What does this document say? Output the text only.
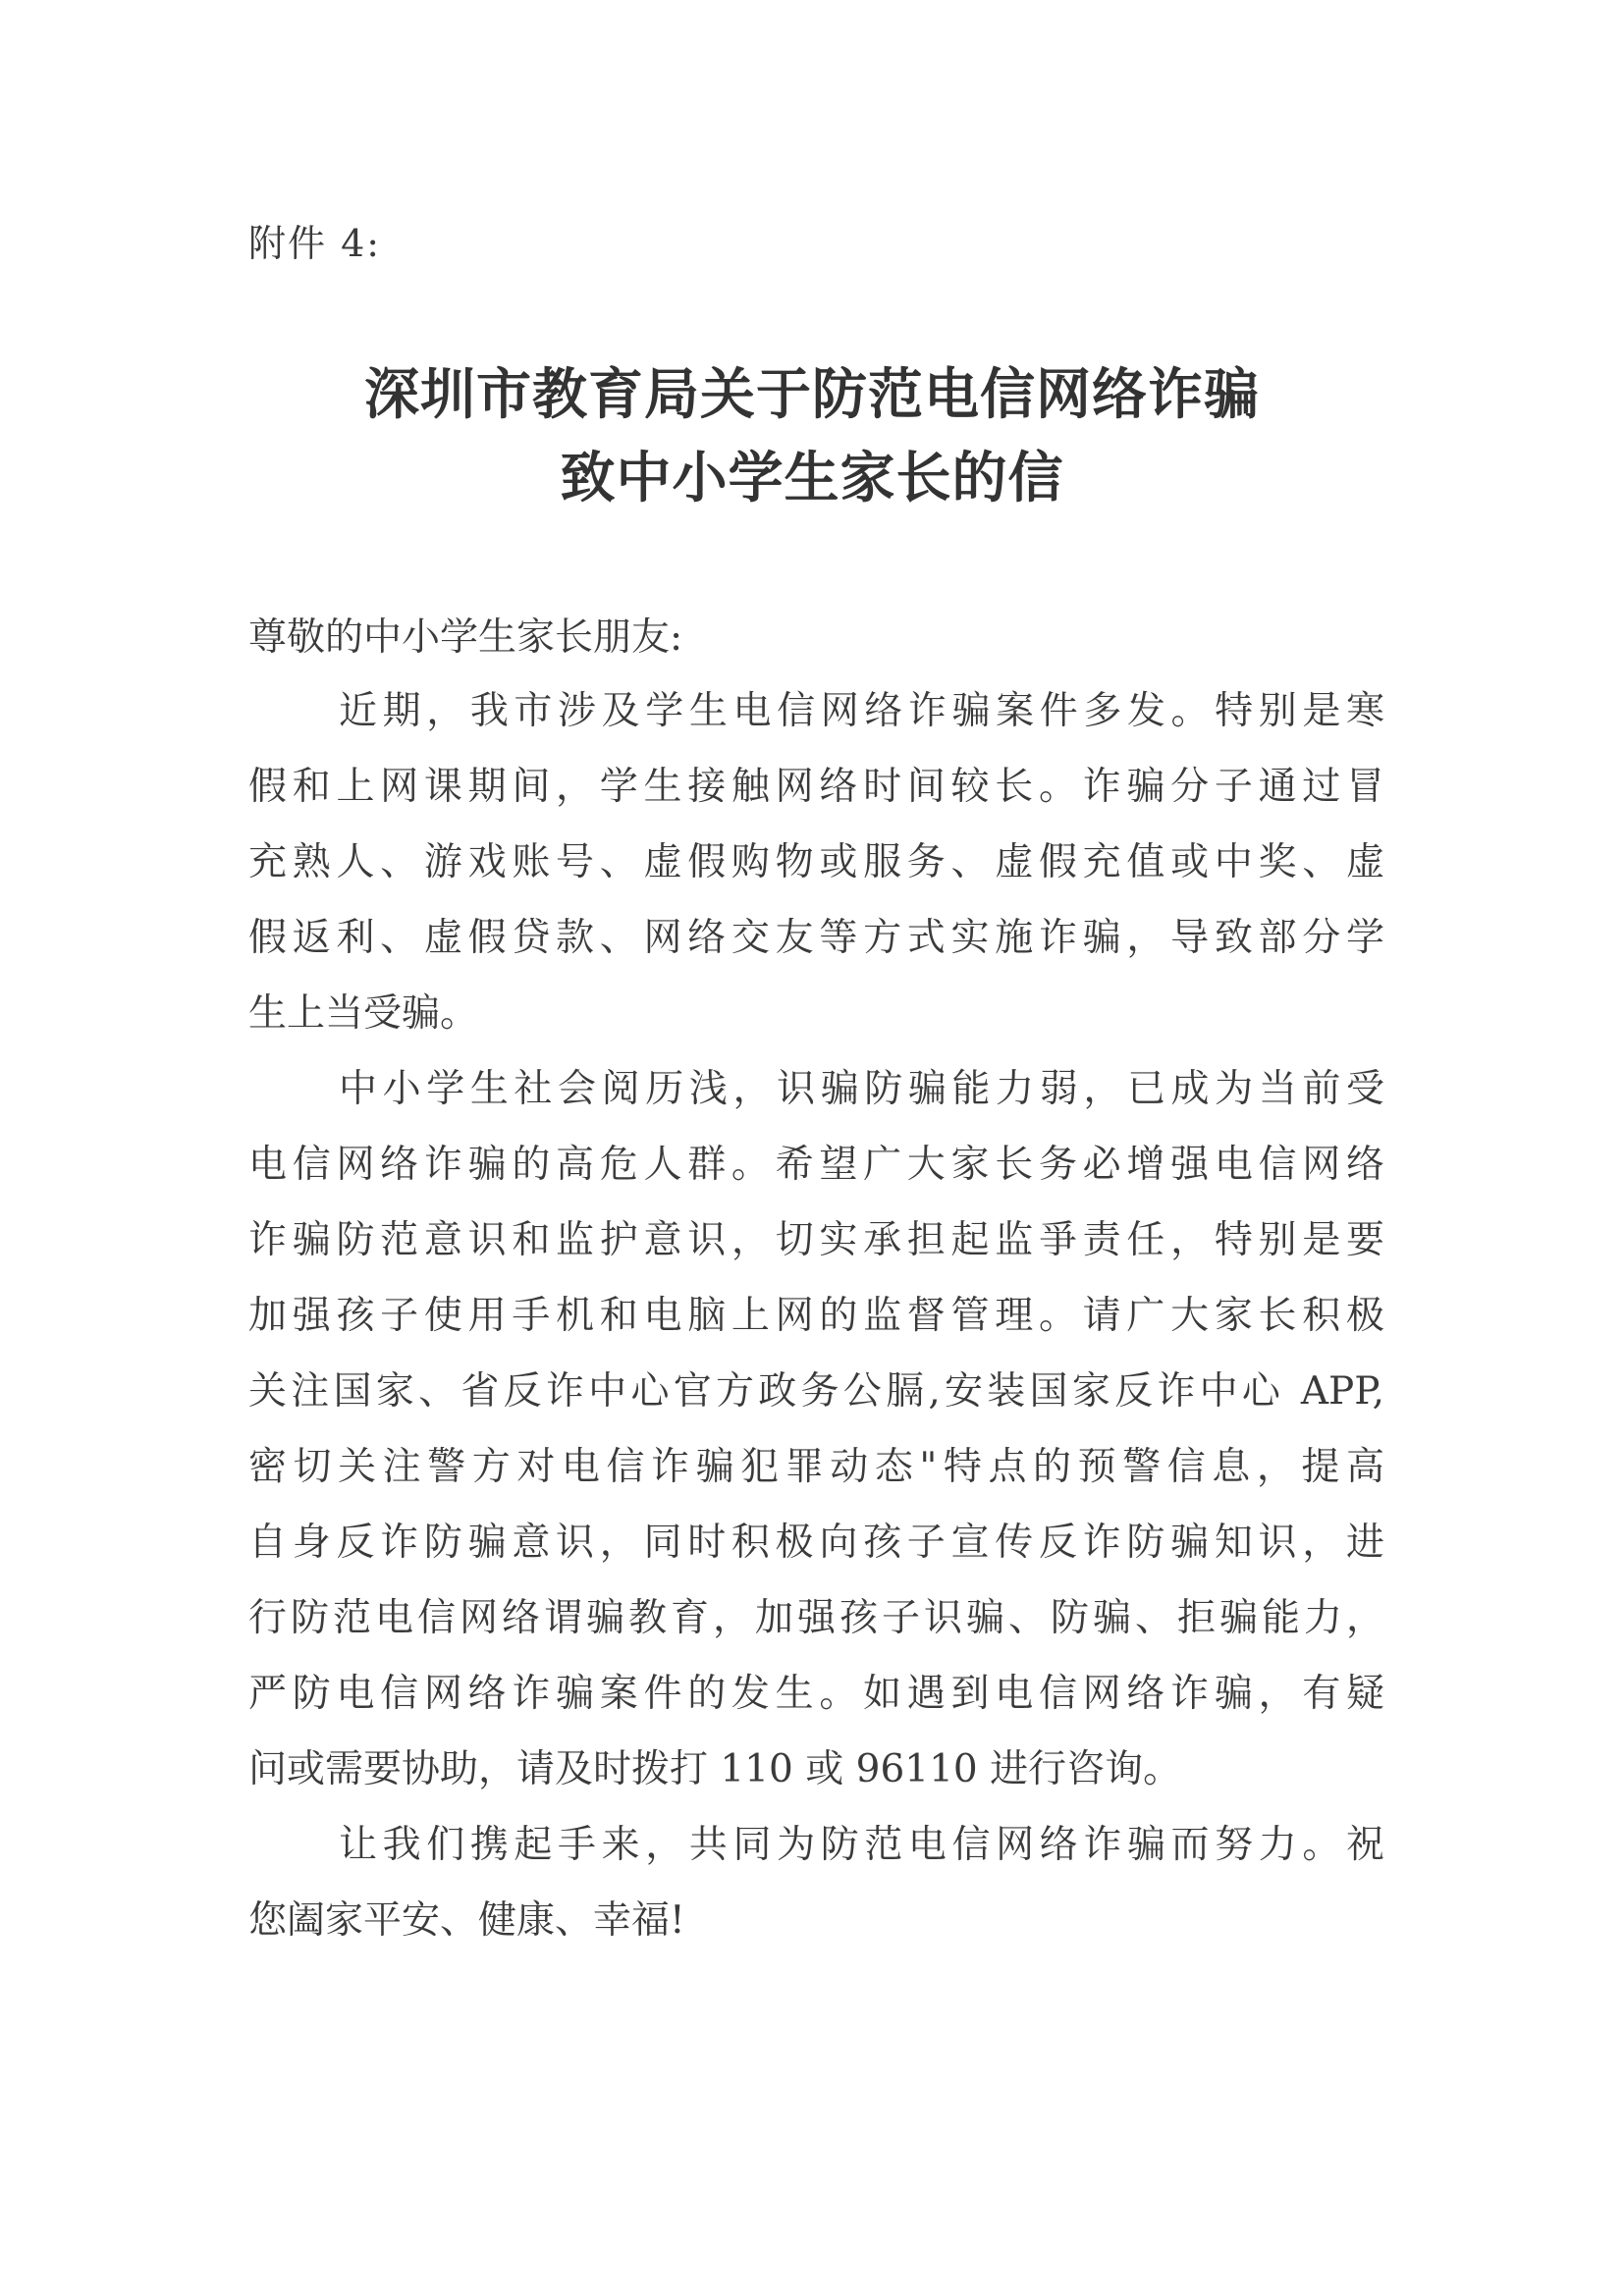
附件 4:
深圳市教育局关于防范电信网络诈骗
致中小学生家长的信
尊敬的中小学生家长朋友:
近期，我市涉及学生电信网络诈骗案件多发。特别是寒
假和上网课期间，学生接触网络时间较长。诈骗分子通过冒
充熟人、游戏账号、虚假购物或服务、虚假充值或中奖、虚
假返利、虚假贷款、网络交友等方式实施诈骗，导致部分学
生上当受骗。
中小学生社会阅历浅，识骗防骗能力弱，已成为当前受
电信网络诈骗的高危人群。希望广大家长务必增强电信网络
诈骗防范意识和监护意识，切实承担起监爭责任，特别是要
加强孩子使用手机和电脑上网的监督管理。请广大家长积极
关注国家、省反诈中心官方政务公膈,安装国家反诈中心 APP,
密切关注警方对电信诈骗犯罪动态"特点的预警信息，提高
自身反诈防骗意识，同时积极向孩子宣传反诈防骗知识，进
行防范电信网络谓骗教育，加强孩子识骗、防骗、拒骗能力，
严防电信网络诈骗案件的发生。如遇到电信网络诈骗，有疑
问或需要协助，请及时拨打 110 或 96110 进行咨询。
让我们携起手来，共同为防范电信网络诈骗而努力。祝
您阖家平安、健康、幸福!
